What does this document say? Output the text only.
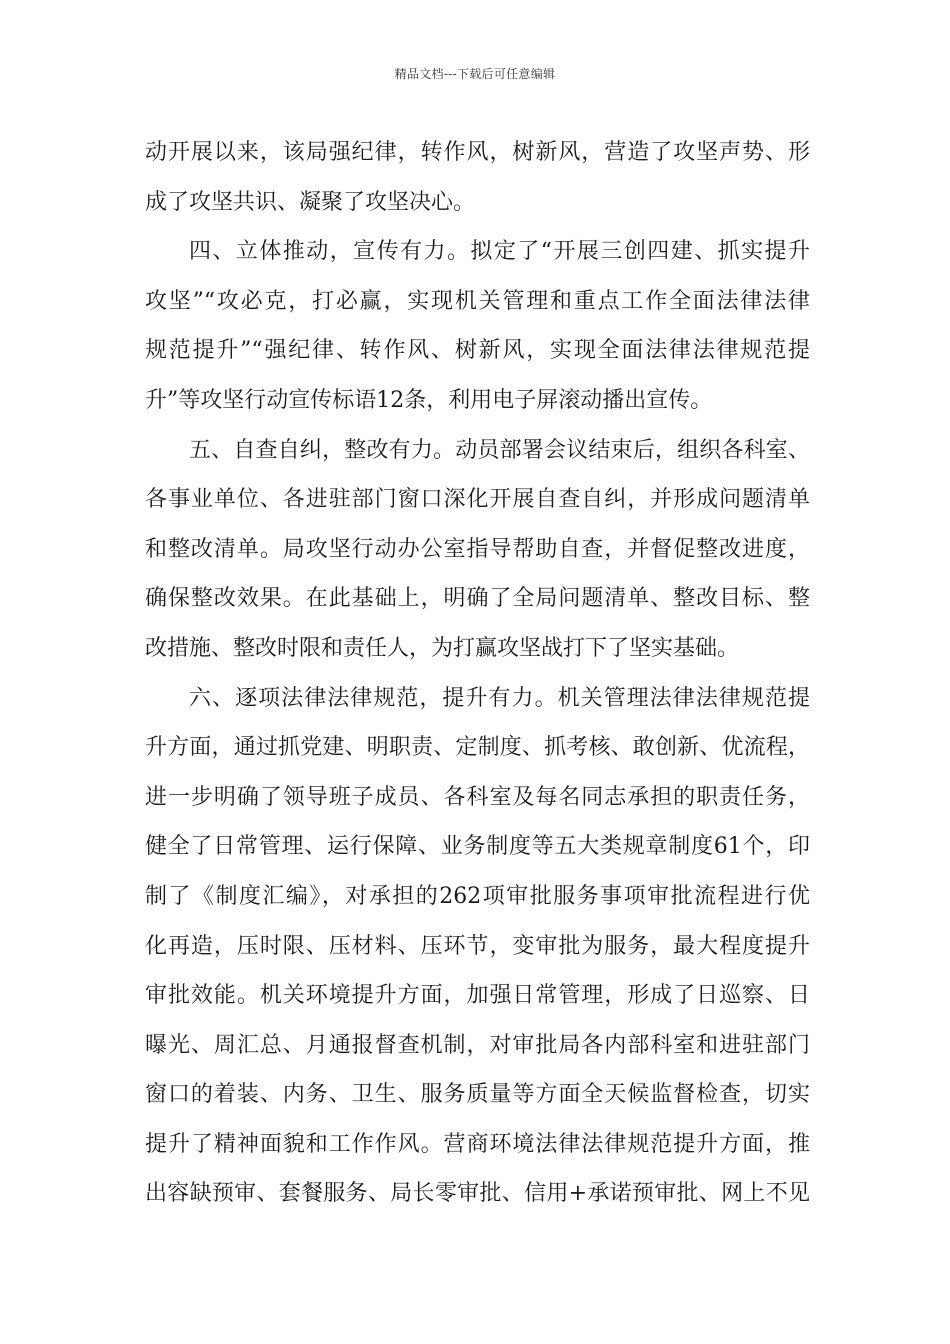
精品文档---下载后可任意编辑
动开展以来，该局强纪律，转作风，树新风，营造了攻坚声势、形
成了攻坚共识、凝聚了攻坚决心。
四、立体推动，宣传有力。拟定了“开展三创四建、抓实提升
攻坚”“攻必克，打必赢，实现机关管理和重点工作全面法律法律
规范提升”“强纪律、转作风、树新风，实现全面法律法律规范提
升”等攻坚行动宣传标语12条，利用电子屏滚动播出宣传。
五、自查自纠，整改有力。动员部署会议结束后，组织各科室、
各事业单位、各进驻部门窗口深化开展自查自纠，并形成问题清单
和整改清单。局攻坚行动办公室指导帮助自查，并督促整改进度，
确保整改效果。在此基础上，明确了全局问题清单、整改目标、整
改措施、整改时限和责任人，为打赢攻坚战打下了坚实基础。
六、逐项法律法律规范，提升有力。机关管理法律法律规范提
升方面，通过抓党建、明职责、定制度、抓考核、敢创新、优流程，
进一步明确了领导班子成员、各科室及每名同志承担的职责任务，
健全了日常管理、运行保障、业务制度等五大类规章制度61个，印
制了《制度汇编》，对承担的262项审批服务事项审批流程进行优
化再造，压时限、压材料、压环节，变审批为服务，最大程度提升
审批效能。机关环境提升方面，加强日常管理，形成了日巡察、日
曝光、周汇总、月通报督查机制，对审批局各内部科室和进驻部门
窗口的着装、内务、卫生、服务质量等方面全天候监督检查，切实
提升了精神面貌和工作作风。营商环境法律法律规范提升方面，推
出容缺预审、套餐服务、局长零审批、信用+承诺预审批、网上不见
